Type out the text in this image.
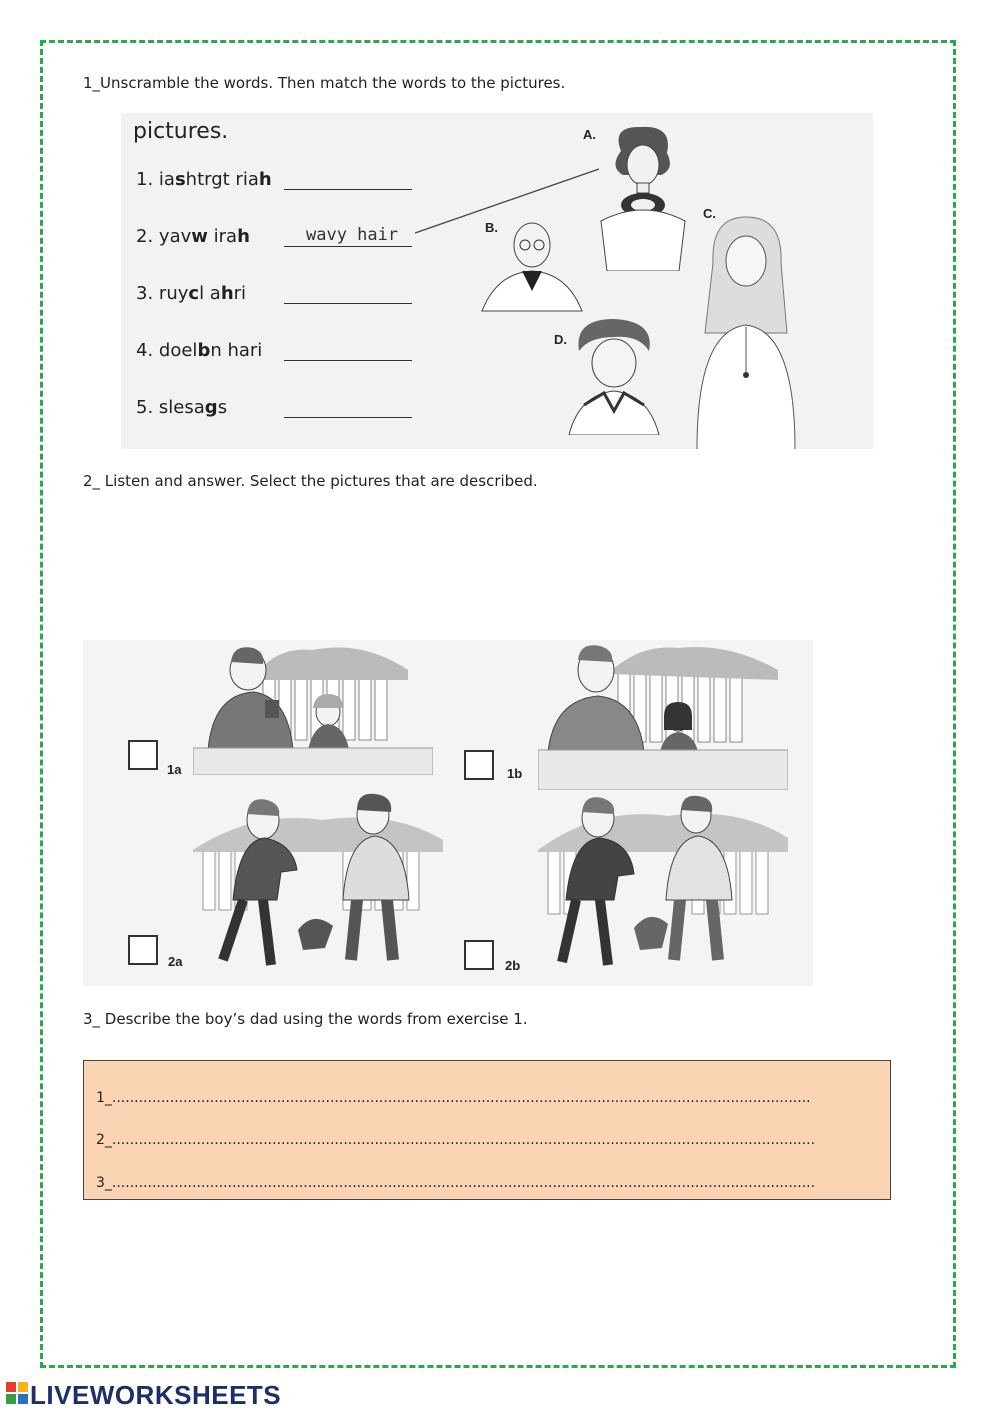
1_Unscramble the words. Then match the words to the pictures.
pictures.
1. iashtrgt riah
2. yavw irah	wavy hair
3. ruycl ahri
4. doelbn hari
5. slesags
A.
B.
C.
D.
2_ Listen and answer. Select the pictures that are described.
1a	1b
2a	2b
3_ Describe the boy’s dad using the words from exercise 1.
1_.............................................................................................................................................................
2_..............................................................................................................................................................
3_..............................................................................................................................................................
LIVEWORKSHEETS
